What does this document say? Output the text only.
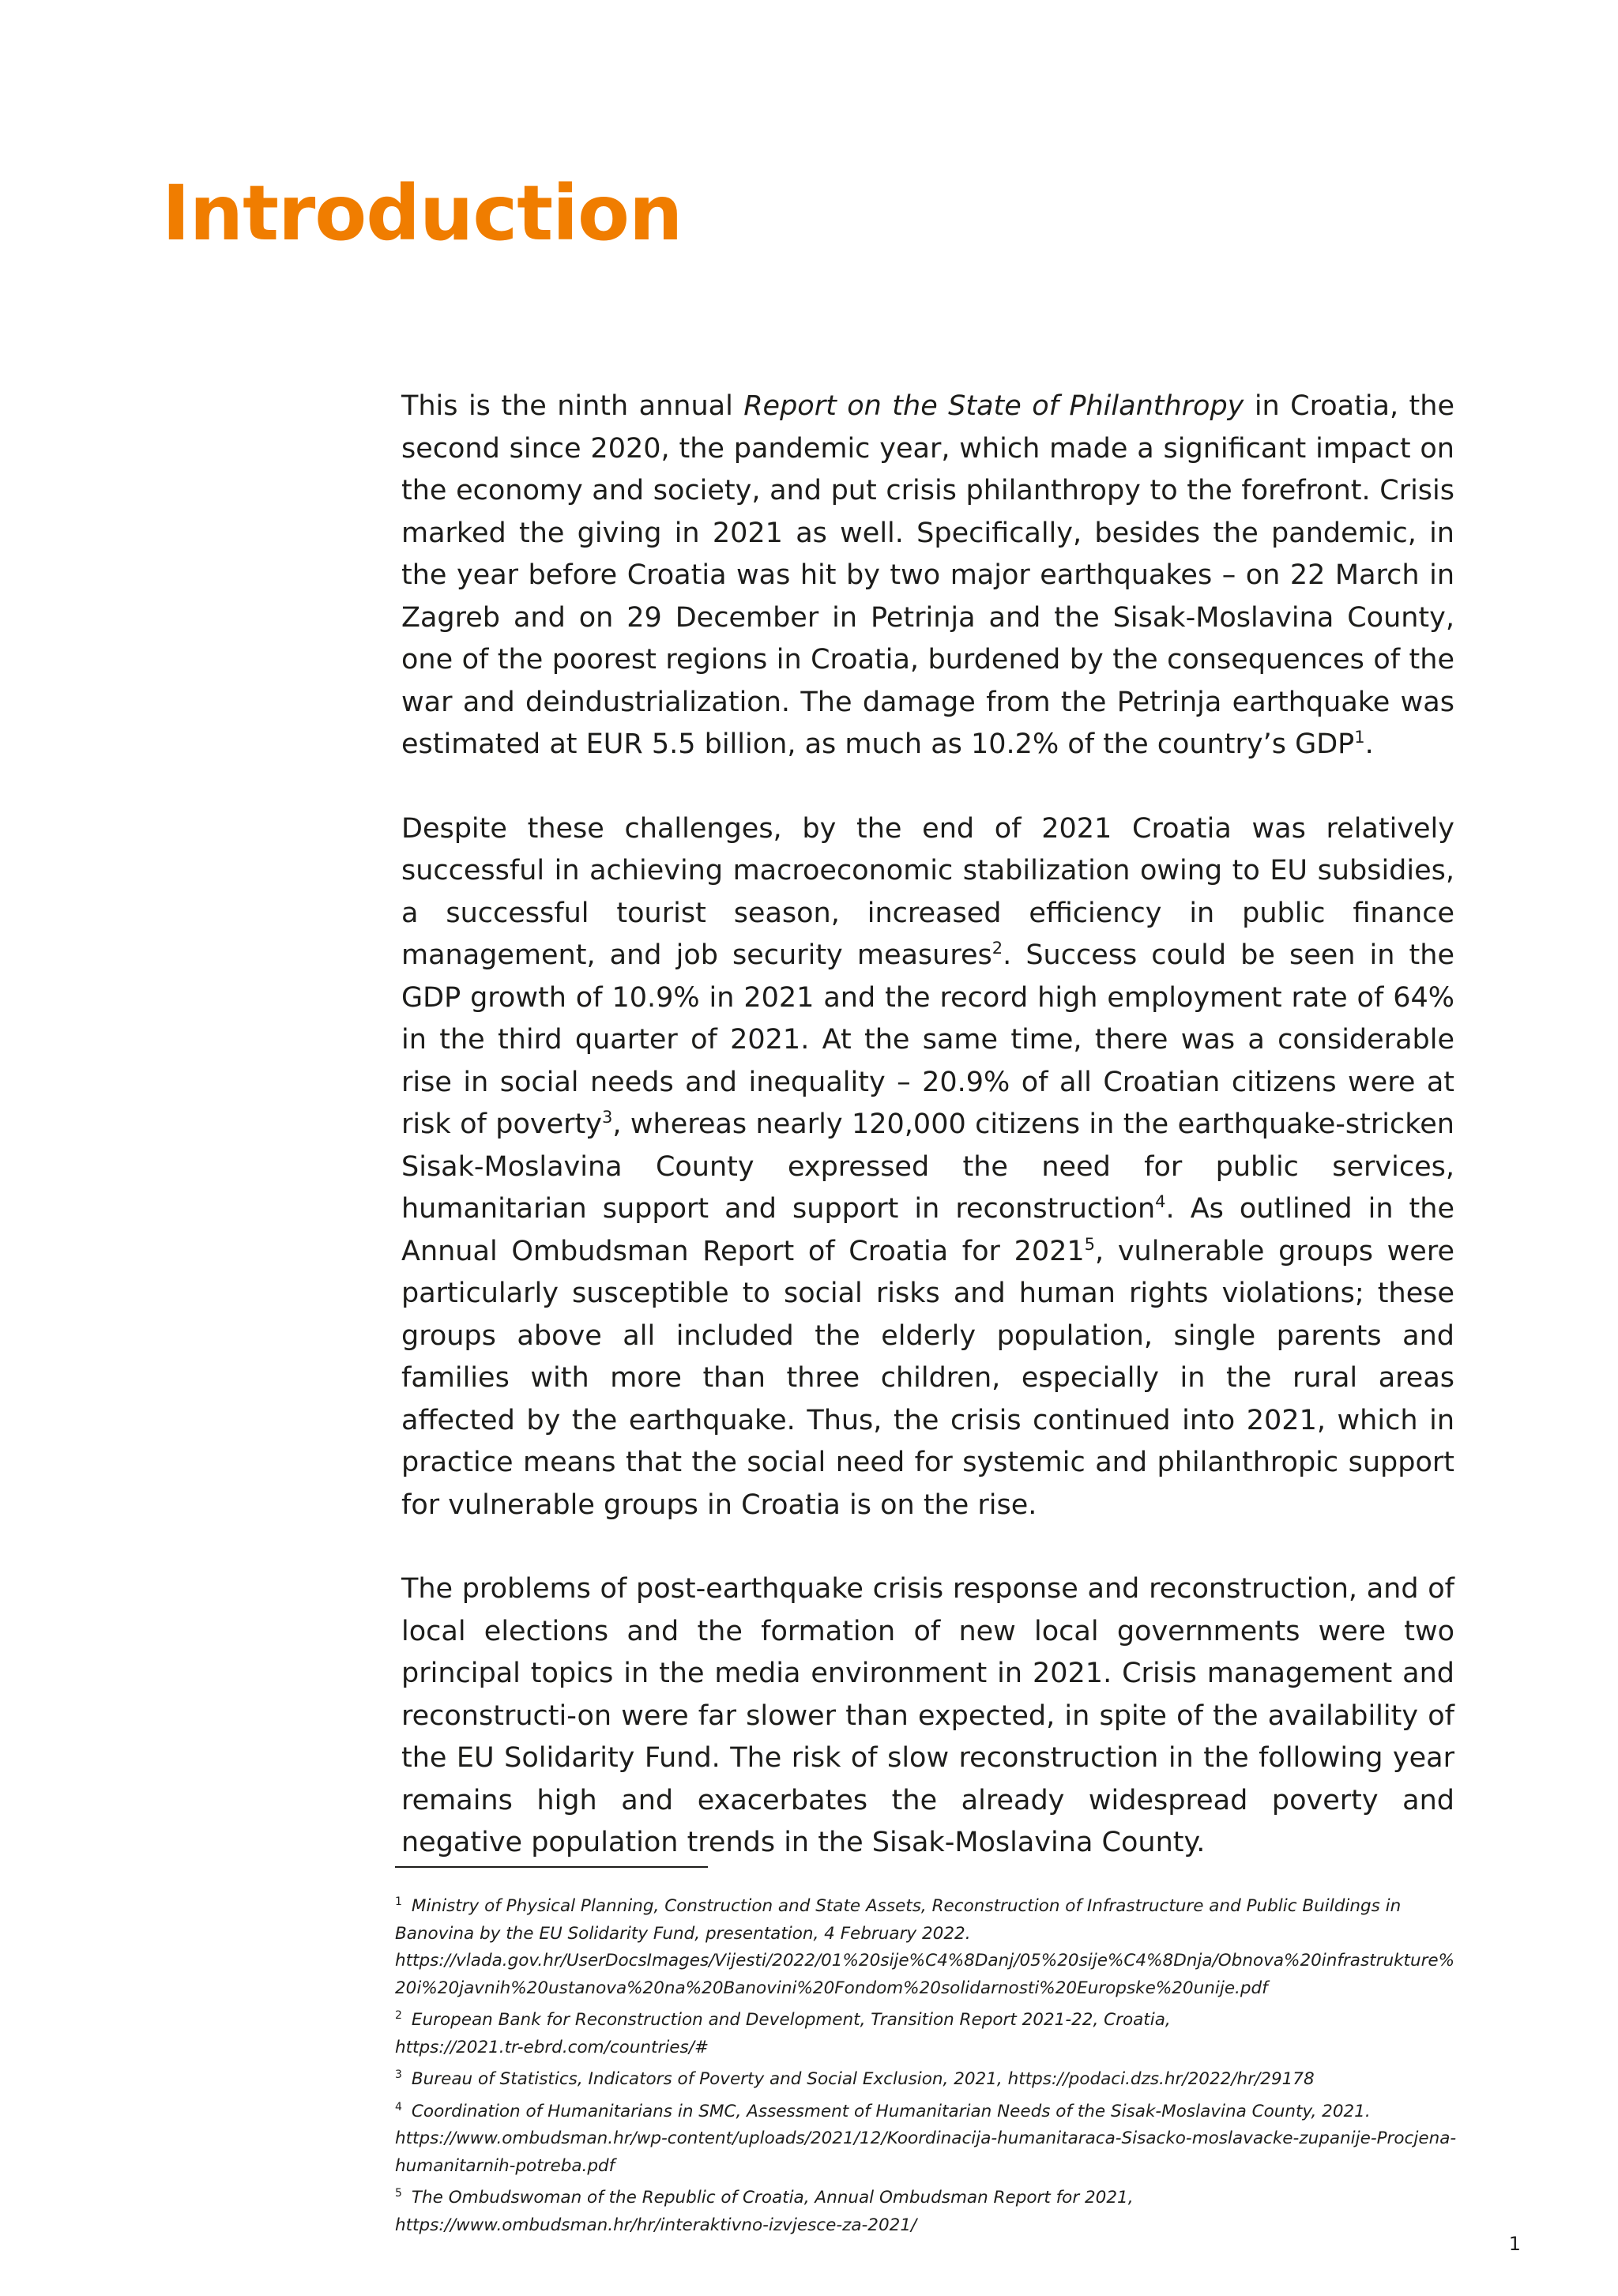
Introduction

This is the ninth annual Report on the State of Philanthropy in Croatia, the second since 2020, the pandemic year, which made a significant impact on the economy and society, and put crisis philanthropy to the forefront. Crisis marked the giving in 2021 as well. Specifically, besides the pandemic, in the year before Croatia was hit by two major earthquakes – on 22 March in Zagreb and on 29 December in Petrinja and the Sisak-Moslavina County, one of the poorest regions in Croatia, burdened by the consequences of the war and deindustrialization. The damage from the Petrinja earthquake was estimated at EUR 5.5 billion, as much as 10.2% of the country’s GDP$^1$.

Despite these challenges, by the end of 2021 Croatia was relatively successful in achieving macroeconomic stabilization owing to EU subsidies, a successful tourist season, increased efficiency in public finance management, and job security measures$^2$. Success could be seen in the GDP growth of 10.9% in 2021 and the record high employment rate of 64% in the third quarter of 2021. At the same time, there was a considerable rise in social needs and inequality – 20.9% of all Croatian citizens were at risk of poverty$^3$, whereas nearly 120,000 citizens in the earthquake-stricken Sisak-Moslavina County expressed the need for public services, humanitarian support and support in reconstruction$^4$. As outlined in the Annual Ombudsman Report of Croatia for 2021$^5$, vulnerable groups were particularly susceptible to social risks and human rights violations; these groups above all included the elderly population, single parents and families with more than three children, especially in the rural areas affected by the earthquake. Thus, the crisis continued into 2021, which in practice means that the social need for systemic and philanthropic support for vulnerable groups in Croatia is on the rise.

The problems of post-earthquake crisis response and reconstruction, and of local elections and the formation of new local governments were two principal topics in the media environment in 2021. Crisis management and reconstructi-on were far slower than expected, in spite of the availability of the EU Solidarity Fund. The risk of slow reconstruction in the following year remains high and exacerbates the already widespread poverty and negative population trends in the Sisak-Moslavina County.

$^1$ Ministry of Physical Planning, Construction and State Assets, Reconstruction of Infrastructure and Public Buildings in Banovina by the EU Solidarity Fund, presentation, 4 February 2022.
https://vlada.gov.hr/UserDocsImages/Vijesti/2022/01%20sije%C4%8Danj/05%20sije%C4%8Dnja/Obnova%20infrastrukture%20i%20javnih%20ustanova%20na%20Banovini%20Fondom%20solidarnosti%20Europske%20unije.pdf

$^2$ European Bank for Reconstruction and Development, Transition Report 2021-22, Croatia,
https://2021.tr-ebrd.com/countries/#

$^3$ Bureau of Statistics, Indicators of Poverty and Social Exclusion, 2021, https://podaci.dzs.hr/2022/hr/29178

$^4$ Coordination of Humanitarians in SMC, Assessment of Humanitarian Needs of the Sisak-Moslavina County, 2021.
https://www.ombudsman.hr/wp-content/uploads/2021/12/Koordinacija-humanitaraca-Sisacko-moslavacke-zupanije-Procjena-humanitarnih-potreba.pdf

$^5$ The Ombudswoman of the Republic of Croatia, Annual Ombudsman Report for 2021,
https://www.ombudsman.hr/hr/interaktivno-izvjesce-za-2021/

1
